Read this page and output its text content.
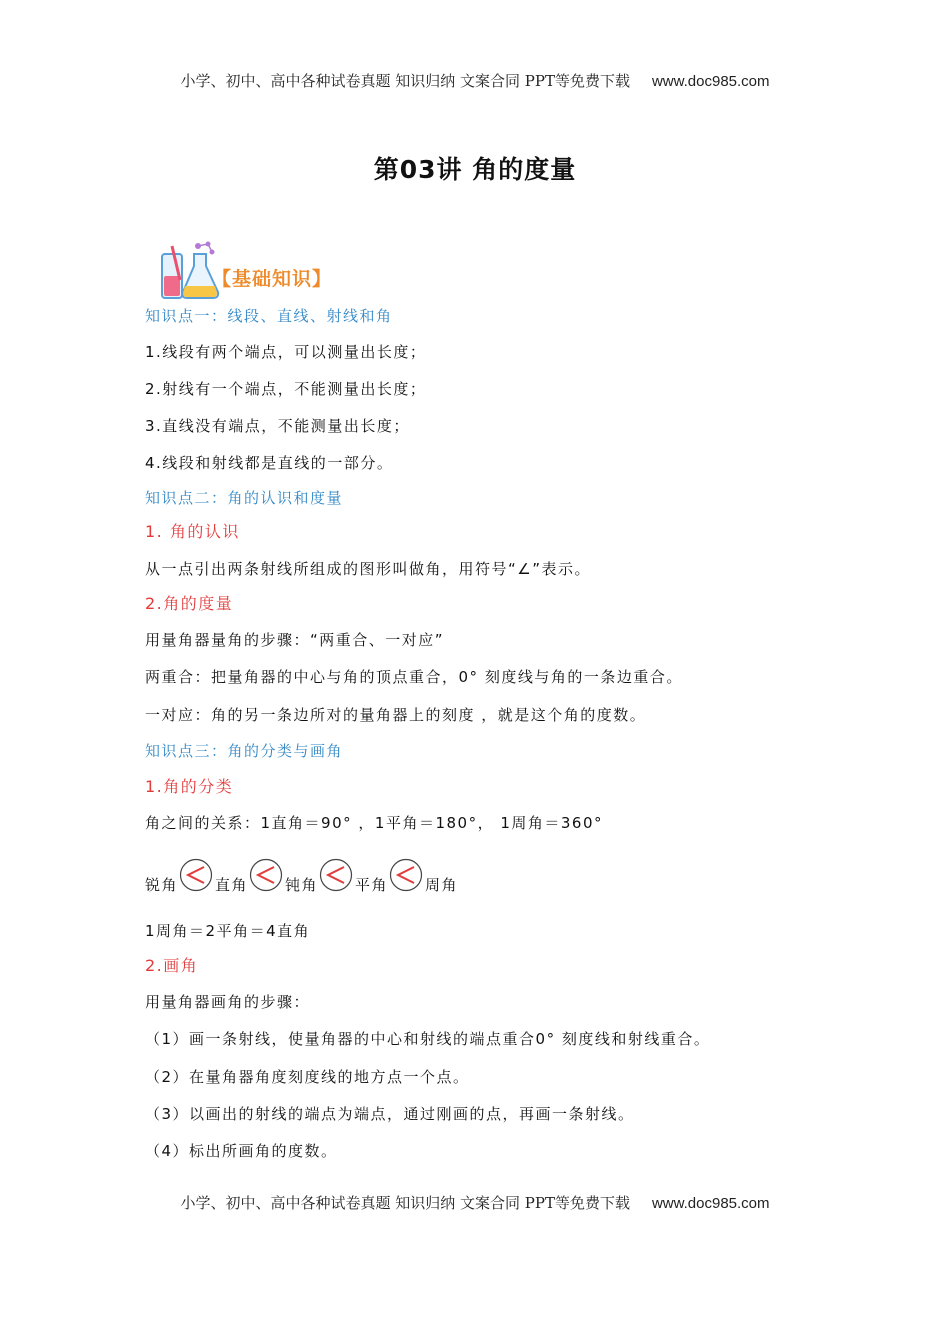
小学、初中、高中各种试卷真题 知识归纳 文案合同 PPT等免费下载 www.doc985.com
第03讲 角的度量
【基础知识】
知识点一：线段、直线、射线和角
1.线段有两个端点，可以测量出长度；
2.射线有一个端点，不能测量出长度；
3.直线没有端点，不能测量出长度；
4.线段和射线都是直线的一部分。
知识点二：角的认识和度量
1. 角的认识
从一点引出两条射线所组成的图形叫做角，用符号“∠”表示。
2.角的度量
用量角器量角的步骤：“两重合、一对应”
两重合：把量角器的中心与角的顶点重合，0° 刻度线与角的一条边重合。
一对应：角的另一条边所对的量角器上的刻度 ，就是这个角的度数。
知识点三：角的分类与画角
1.角的分类
角之间的关系：1直角＝90° ，1平角＝180°， 1周角＝360°
锐角 直角 钝角 平角 周角
1周角＝2平角＝4直角
2.画角
用量角器画角的步骤：
（1）画一条射线，使量角器的中心和射线的端点重合0° 刻度线和射线重合。
（2）在量角器角度刻度线的地方点一个点。
（3）以画出的射线的端点为端点，通过刚画的点，再画一条射线。
（4）标出所画角的度数。
小学、初中、高中各种试卷真题 知识归纳 文案合同 PPT等免费下载 www.doc985.com
